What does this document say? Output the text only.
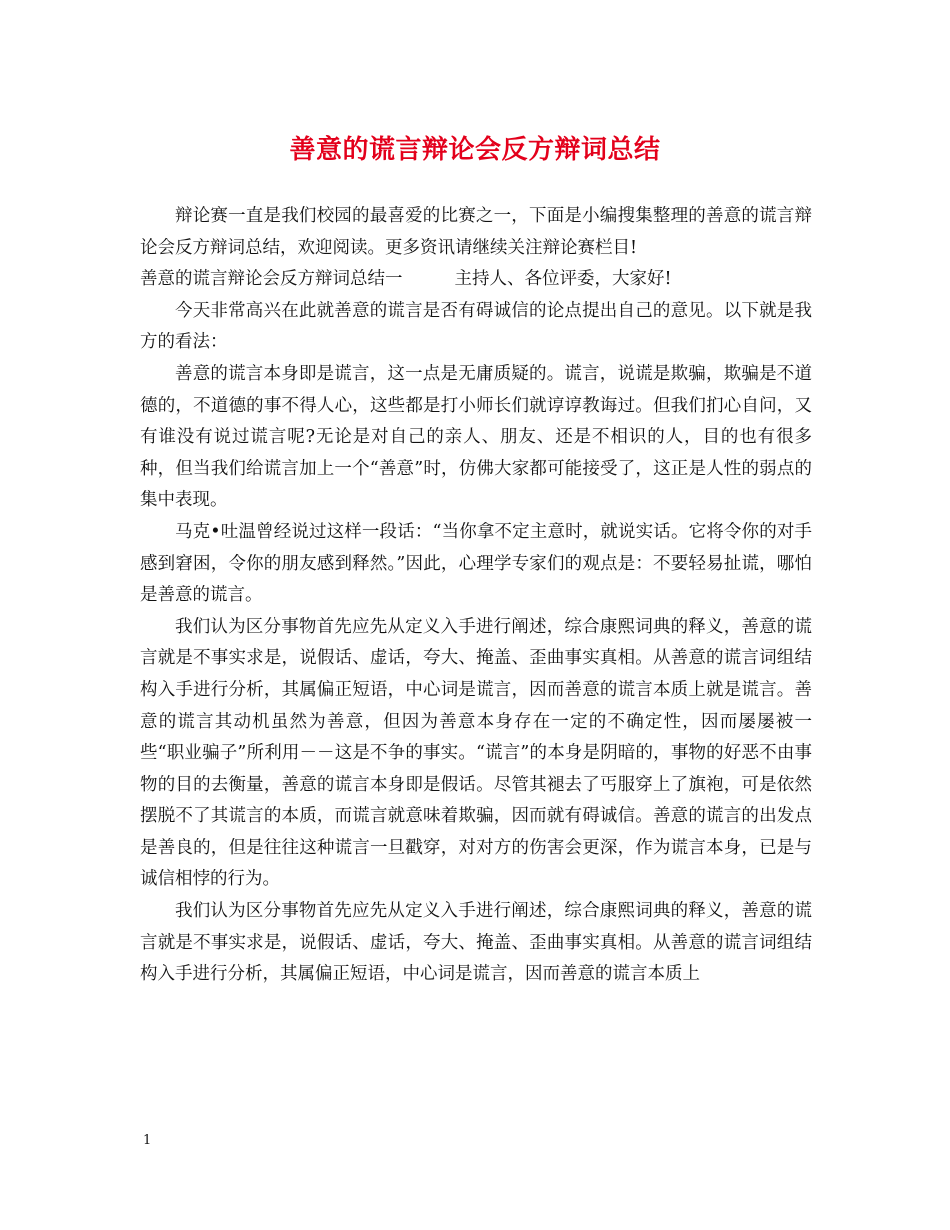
善意的谎言辩论会反方辩词总结

辩论赛一直是我们校园的最喜爱的比赛之一，下面是小编搜集整理的善意的谎言辩论会反方辩词总结，欢迎阅读。更多资讯请继续关注辩论赛栏目!

善意的谎言辩论会反方辩词总结一	主持人、各位评委，大家好!

今天非常高兴在此就善意的谎言是否有碍诚信的论点提出自己的意见。以下就是我方的看法：

善意的谎言本身即是谎言，这一点是无庸质疑的。谎言，说谎是欺骗，欺骗是不道德的，不道德的事不得人心，这些都是打小师长们就谆谆教诲过。但我们扪心自问，又有谁没有说过谎言呢?无论是对自己的亲人、朋友、还是不相识的人，目的也有很多种，但当我们给谎言加上一个“善意”时，仿佛大家都可能接受了，这正是人性的弱点的集中表现。

马克•吐温曾经说过这样一段话：“当你拿不定主意时，就说实话。它将令你的对手感到窘困，令你的朋友感到释然。”因此，心理学专家们的观点是：不要轻易扯谎，哪怕是善意的谎言。

我们认为区分事物首先应先从定义入手进行阐述，综合康熙词典的释义，善意的谎言就是不事实求是，说假话、虚话，夸大、掩盖、歪曲事实真相。从善意的谎言词组结构入手进行分析，其属偏正短语，中心词是谎言，因而善意的谎言本质上就是谎言。善意的谎言其动机虽然为善意，但因为善意本身存在一定的不确定性，因而屡屡被一些“职业骗子”所利用－－这是不争的事实。“谎言”的本身是阴暗的，事物的好恶不由事物的目的去衡量，善意的谎言本身即是假话。尽管其褪去了丐服穿上了旗袍，可是依然摆脱不了其谎言的本质，而谎言就意味着欺骗，因而就有碍诚信。善意的谎言的出发点是善良的，但是往往这种谎言一旦戳穿，对对方的伤害会更深，作为谎言本身，已是与诚信相悖的行为。

我们认为区分事物首先应先从定义入手进行阐述，综合康熙词典的释义，善意的谎言就是不事实求是，说假话、虚话，夸大、掩盖、歪曲事实真相。从善意的谎言词组结构入手进行分析，其属偏正短语，中心词是谎言，因而善意的谎言本质上

1
